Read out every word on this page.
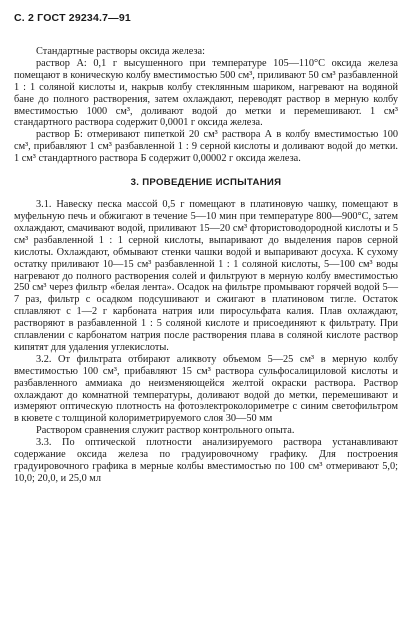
С. 2 ГОСТ 29234.7—91

Стандартные растворы оксида железа:

раствор А: 0,1 г высушенного при температуре 105—110°С оксида железа помещают в коническую колбу вместимостью 500 см³, приливают 50 см³ разбавленной 1 : 1 соляной кислоты и, накрыв колбу стеклянным шариком, нагревают на водяной бане до полного растворения, затем охлаждают, переводят раствор в мерную колбу вместимостью 1000 см³, доливают водой до метки и перемешивают. 1 см³ стандартного раствора содержит 0,0001 г оксида железа.

раствор Б: отмеривают пипеткой 20 см³ раствора А в колбу вместимостью 100 см³, прибавляют 1 см³ разбавленной 1 : 9 серной кислоты и доливают водой до метки. 1 см³ стандартного раствора Б содержит 0,00002 г оксида железа.

3. ПРОВЕДЕНИЕ ИСПЫТАНИЯ

3.1. Навеску песка массой 0,5 г помещают в платиновую чашку, помещают в муфельную печь и обжигают в течение 5—10 мин при температуре 800—900°С, затем охлаждают, смачивают водой, приливают 15—20 см³ фтористоводородной кислоты и 5 см³ разбавленной 1 : 1 серной кислоты, выпаривают до выделения паров серной кислоты. Охлаждают, обмывают стенки чашки водой и выпаривают досуха. К сухому остатку приливают 10—15 см³ разбавленной 1 : 1 соляной кислоты, 5—100 см³ воды нагревают до полного растворения солей и фильтруют в мерную колбу вместимостью 250 см³ через фильтр «белая лента». Осадок на фильтре промывают горячей водой 5—7 раз, фильтр с осадком подсушивают и сжигают в платиновом тигле. Остаток сплавляют с 1—2 г карбоната натрия или пиросульфата калия. Плав охлаждают, растворяют в разбавленной 1 : 5 соляной кислоте и присоединяют к фильтрату. При сплавлении с карбонатом натрия после растворения плава в соляной кислоте раствор кипятят для удаления углекислоты.

3.2. От фильтрата отбирают аликвоту объемом 5—25 см³ в мерную колбу вместимостью 100 см³, прибавляют 15 см³ раствора сульфосалициловой кислоты и разбавленного аммиака до неизменяющейся желтой окраски раствора. Раствор охлаждают до комнатной температуры, доливают водой до метки, перемешивают и измеряют оптическую плотность на фотоэлектроколориметре с синим светофильтром в кювете с толщиной колориметрируемого слоя 30—50 мм

Раствором сравнения служит раствор контрольного опыта.

3.3. По оптической плотности анализируемого раствора устанавливают содержание оксида железа по градуировочному графику. Для построения градуировочного графика в мерные колбы вместимостью по 100 см³ отмеривают 5,0; 10,0; 20,0, и 25,0 мл
